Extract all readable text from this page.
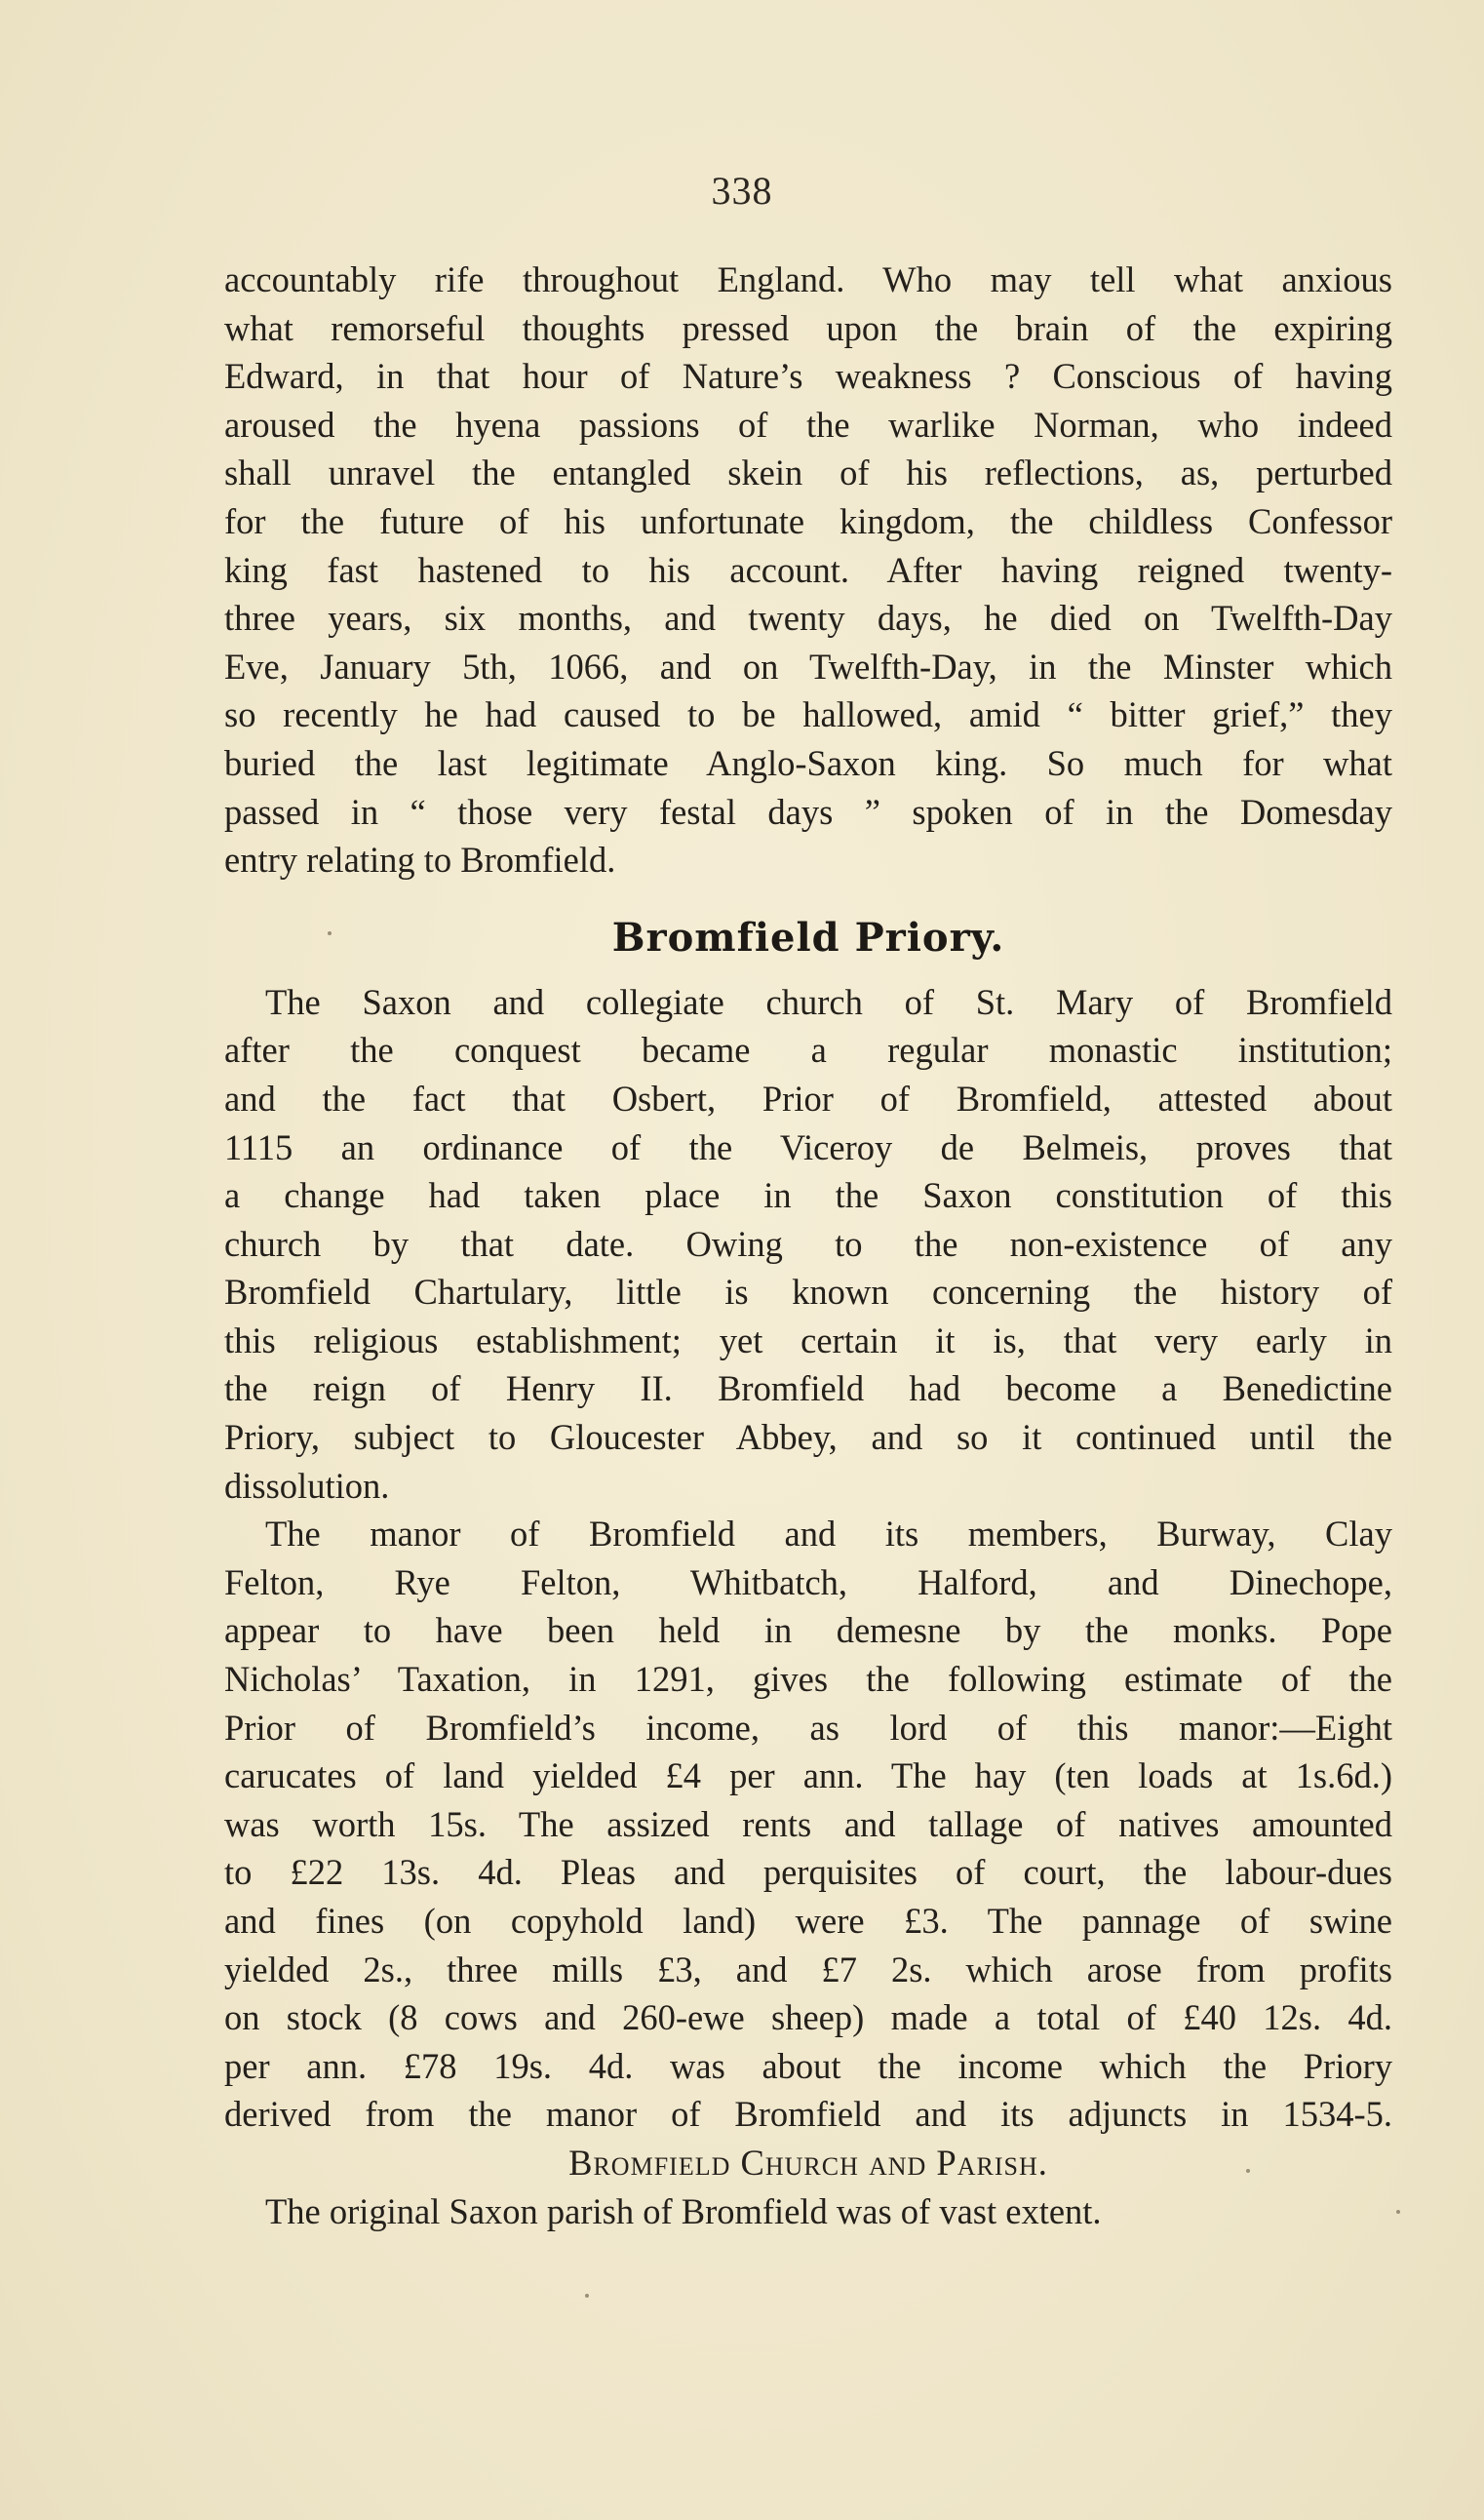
338
accountably rife throughout England. Who may tell what anxious
what remorseful thoughts pressed upon the brain of the expiring
Edward, in that hour of Nature’s weakness ? Conscious of having
aroused the hyena passions of the warlike Norman, who indeed
shall unravel the entangled skein of his reflections, as, perturbed
for the future of his unfortunate kingdom, the childless Confessor
king fast hastened to his account. After having reigned twenty-
three years, six months, and twenty days, he died on Twelfth-Day
Eve, January 5th, 1066, and on Twelfth-Day, in the Minster which
so recently he had caused to be hallowed, amid “ bitter grief,” they
buried the last legitimate Anglo-Saxon king. So much for what
passed in “ those very festal days ” spoken of in the Domesday
entry relating to Bromfield.
Bromfield Priory.
The Saxon and collegiate church of St. Mary of Bromfield
after the conquest became a regular monastic institution;
and the fact that Osbert, Prior of Bromfield, attested about
1115 an ordinance of the Viceroy de Belmeis, proves that
a change had taken place in the Saxon constitution of this
church by that date. Owing to the non-existence of any
Bromfield Chartulary, little is known concerning the history of
this religious establishment; yet certain it is, that very early in
the reign of Henry II. Bromfield had become a Benedictine
Priory, subject to Gloucester Abbey, and so it continued until the
dissolution.
The manor of Bromfield and its members, Burway, Clay
Felton, Rye Felton, Whitbatch, Halford, and Dinechope,
appear to have been held in demesne by the monks. Pope
Nicholas’ Taxation, in 1291, gives the following estimate of the
Prior of Bromfield’s income, as lord of this manor:—Eight
carucates of land yielded £4 per ann. The hay (ten loads at 1s.6d.)
was worth 15s. The assized rents and tallage of natives amounted
to £22 13s. 4d. Pleas and perquisites of court, the labour-dues
and fines (on copyhold land) were £3. The pannage of swine
yielded 2s., three mills £3, and £7 2s. which arose from profits
on stock (8 cows and 260-ewe sheep) made a total of £40 12s. 4d.
per ann. £78 19s. 4d. was about the income which the Priory
derived from the manor of Bromfield and its adjuncts in 1534-5.
Bromfield Church and Parish.
The original Saxon parish of Bromfield was of vast extent.
